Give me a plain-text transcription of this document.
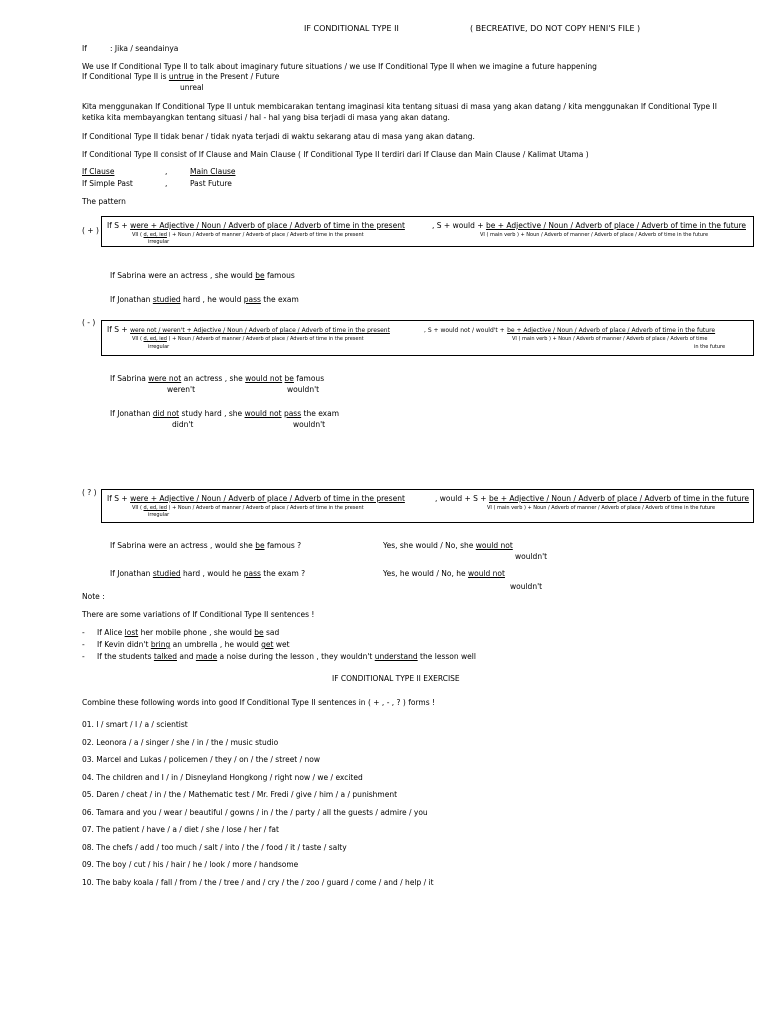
IF CONDITIONAL TYPE II	( BECREATIVE, DO NOT COPY HENI'S FILE )
If	: Jika / seandainya
We use If Conditional Type II to talk about imaginary future situations / we use If Conditional Type II when we imagine a future happening
If Conditional Type II is untrue in the Present / Future
unreal
Kita menggunakan If Conditional Type II untuk membicarakan tentang imaginasi kita tentang situasi di masa yang akan datang / kita menggunakan If Conditional Type II
ketika kita membayangkan tentang situasi / hal - hal yang bisa terjadi di masa yang akan datang.
If Conditional Type II tidak benar / tidak nyata terjadi di waktu sekarang atau di masa yang akan datang.
If Conditional Type II consist of If Clause and Main Clause ( If Conditional Type II terdiri dari If Clause dan Main Clause / Kalimat Utama )
If Clause	,	Main Clause
If Simple Past	,	Past Future
The pattern
( + )
If S + were + Adjective / Noun / Adverb of place / Adverb of time in the present	, S + would + be + Adjective / Noun / Adverb of place / Adverb of time in the future
VII ( d, ed, ied ) + Noun / Adverb of manner / Adverb of place / Adverb of time in the present	VI ( main verb ) + Noun / Adverb of manner / Adverb of place / Adverb of time in the future
irregular
If Sabrina were an actress , she would be famous
If Jonathan studied hard , he would pass the exam
( - )
If S + were not / weren't + Adjective / Noun / Adverb of place / Adverb of time in the present	, S + would not / would't + be + Adjective / Noun / Adverb of place / Adverb of time in the future
VII ( d, ed, ied ) + Noun / Adverb of manner / Adverb of place / Adverb of time in the present	VI ( main verb ) + Noun / Adverb of manner / Adverb of place / Adverb of time
irregular	in the future
If Sabrina were not an actress , she would not be famous
weren't	wouldn't
If Jonathan did not study hard , she would not pass the exam
didn't	wouldn't
( ? )
If S + were + Adjective / Noun / Adverb of place / Adverb of time in the present	, would + S + be + Adjective / Noun / Adverb of place / Adverb of time in the future
VII ( d, ed, ied ) + Noun / Adverb of manner / Adverb of place / Adverb of time in the present	VI ( main verb ) + Noun / Adverb of manner / Adverb of place / Adverb of time in the future
irregular
If Sabrina were an actress , would she be famous ?	Yes, she would / No, she would not
wouldn't
If Jonathan studied hard , would he pass the exam ?	Yes, he would / No, he would not
wouldn't
Note :
There are some variations of If Conditional Type II sentences !
- If Alice lost her mobile phone , she would be sad
- If Kevin didn't bring an umbrella , he would get wet
- If the students talked and made a noise during the lesson , they wouldn't understand the lesson well
IF CONDITIONAL TYPE II EXERCISE
Combine these following words into good If Conditional Type II sentences in ( + , - , ? ) forms !
01. I / smart / I / a / scientist
02. Leonora / a / singer / she / in / the / music studio
03. Marcel and Lukas / policemen / they / on / the / street / now
04. The children and I / in / Disneyland Hongkong / right now / we / excited
05. Daren / cheat / in / the / Mathematic test / Mr. Fredi / give / him / a / punishment
06. Tamara and you / wear / beautiful / gowns / in / the / party / all the guests / admire / you
07. The patient / have / a / diet / she / lose / her / fat
08. The chefs / add / too much / salt / into / the / food / it / taste / salty
09. The boy / cut / his / hair / he / look / more / handsome
10. The baby koala / fall / from / the / tree / and / cry / the / zoo / guard / come / and / help / it
